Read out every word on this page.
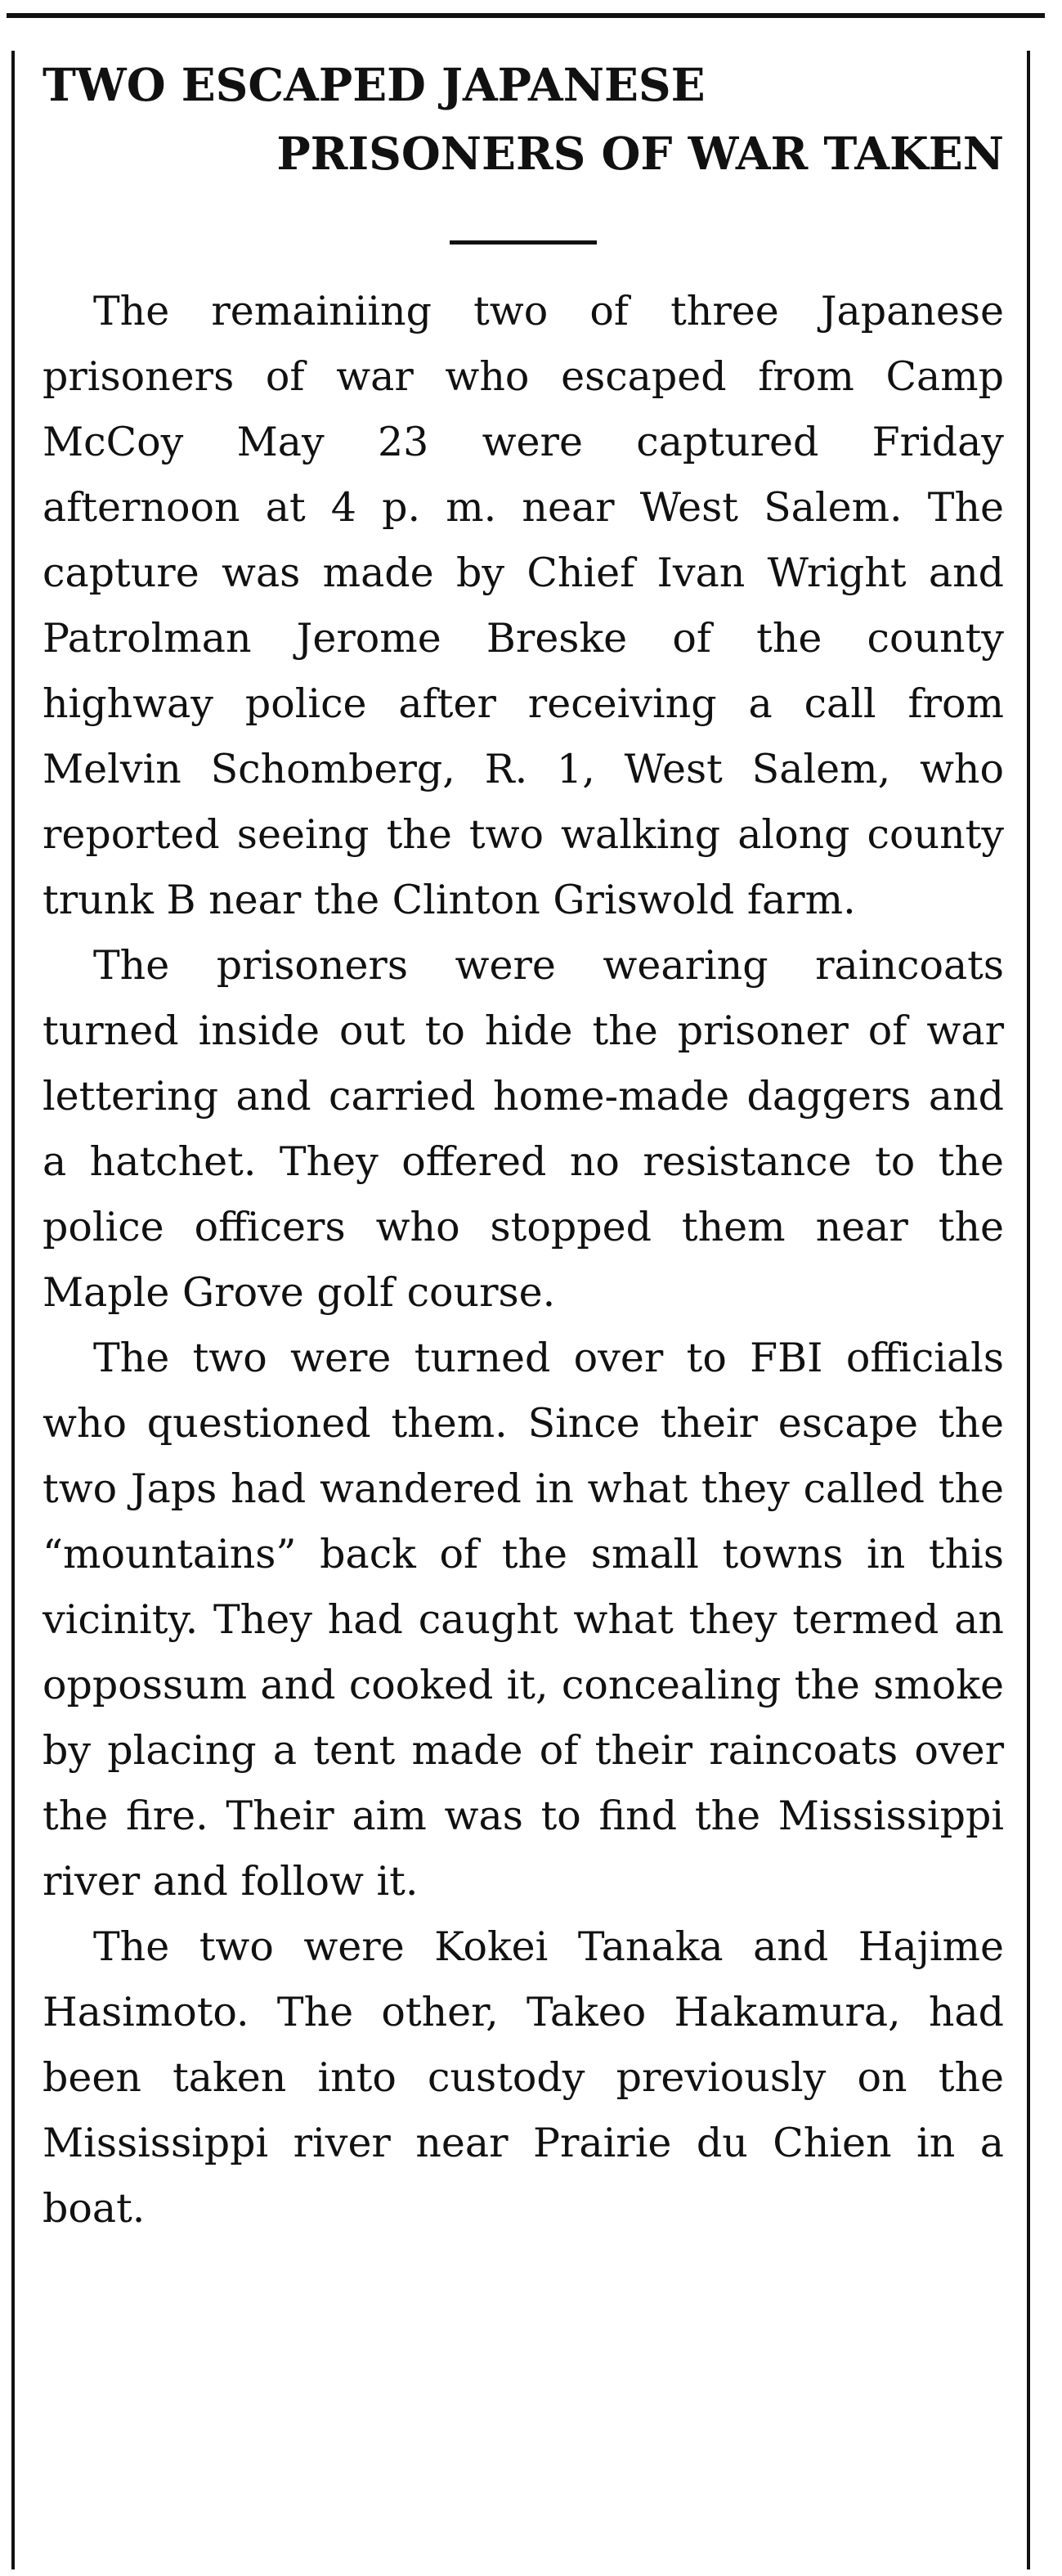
TWO ESCAPED JAPANESE
PRISONERS OF WAR TAKEN

The remainiing two of three Japanese prisoners of war who escaped from Camp McCoy May 23 were captured Friday afternoon at 4 p. m. near West Salem. The capture was made by Chief Ivan Wright and Patrolman Jerome Breske of the county highway police after receiving a call from Melvin Schomberg, R. 1, West Salem, who reported seeing the two walking along county trunk B near the Clinton Griswold farm.

The prisoners were wearing raincoats turned inside out to hide the prisoner of war lettering and carried home-made daggers and a hatchet. They offered no resistance to the police officers who stopped them near the Maple Grove golf course.

The two were turned over to FBI officials who questioned them. Since their escape the two Japs had wandered in what they called the “mountains” back of the small towns in this vicinity. They had caught what they termed an oppossum and cooked it, concealing the smoke by placing a tent made of their raincoats over the fire. Their aim was to find the Mississippi river and follow it.

The two were Kokei Tanaka and Hajime Hasimoto. The other, Takeo Hakamura, had been taken into custody previously on the Mississippi river near Prairie du Chien in a boat.
